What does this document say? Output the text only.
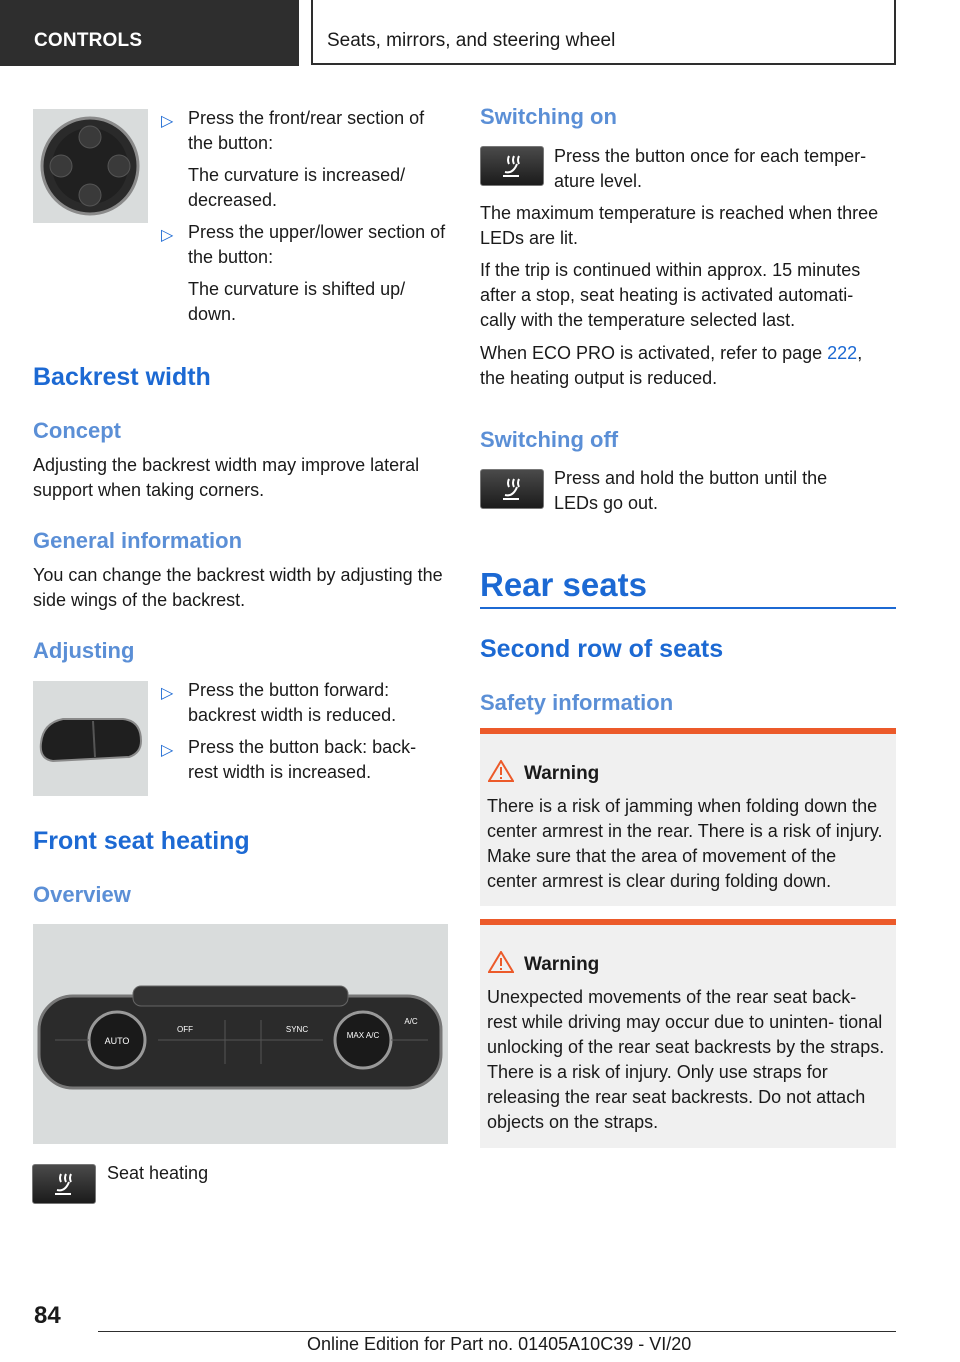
CONTROLS	Seats, mirrors, and steering wheel
▷ Press the front/rear section of the button:
The curvature is increased/ decreased.
▷ Press the upper/lower section of the button:
The curvature is shifted up/ down.
Backrest width
Concept
Adjusting the backrest width may improve lateral support when taking corners.
General information
You can change the backrest width by adjusting the side wings of the backrest.
Adjusting
▷ Press the button forward: backrest width is reduced.
▷ Press the button back: back‐ rest width is increased.
Front seat heating
Overview
AUTO
MAX A/C
OFF	SYNC
A/C
Seat heating
Switching on
Press the button once for each temper‐ ature level.
The maximum temperature is reached when three LEDs are lit.
If the trip is continued within approx. 15 minutes after a stop, seat heating is activated automati‐ cally with the temperature selected last.
When ECO PRO is activated, refer to page 222,
the heating output is reduced.
Switching off
Press and hold the button until the LEDs go out.
Rear seats
Second row of seats
Safety information
Warning
There is a risk of jamming when folding down the center armrest in the rear. There is a risk of injury. Make sure that the area of movement of the center armrest is clear during folding down.
Warning
Unexpected movements of the rear seat back‐ rest while driving may occur due to uninten‐ tional unlocking of the rear seat backrests by the straps. There is a risk of injury. Only use straps for releasing the rear seat backrests. Do not attach objects on the straps.
84
Online Edition for Part no. 01405A10C39 - VI/20
